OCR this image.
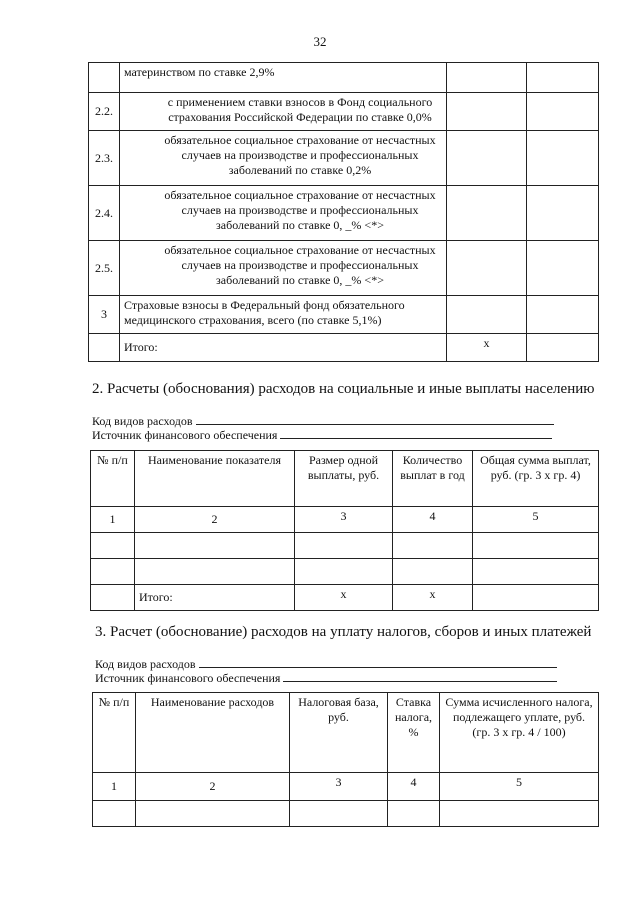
32
	материнством по ставке 2,9%		
2.2.	с применением ставки взносов в Фонд социального страхования Российской Федерации по ставке 0,0%		

2.3.	обязательное социальное страхование от несчастных случаев на производстве и профессиональных заболеваний по ставке 0,2%		

2.4.	обязательное социальное страхование от несчастных случаев на производстве и профессиональных заболеваний по ставке 0, _% <*>		

2.5.	обязательное социальное страхование от несчастных случаев на производстве и профессиональных заболеваний по ставке 0, _% <*>		

3	Страховые взносы в Федеральный фонд обязательного медицинского страхования, всего (по ставке 5,1%)		
	Итого:	x	
2. Расчеты (обоснования) расходов на социальные и иные выплаты населению
Код видов расходов
Источник финансового обеспечения
№ п/п	Наименование показателя	Размер одной выплаты, руб.	Количество выплат в год	Общая сумма выплат, руб. (гр. 3 х гр. 4)
1	2	3	4	5

	Итого:	x	x	
3. Расчет (обоснование) расходов на уплату налогов, сборов и иных платежей
Код видов расходов
Источник финансового обеспечения
№ п/п	Наименование расходов	Налоговая база, руб.	Ставка налога, %	Сумма исчисленного налога, подлежащего уплате, руб. (гр. 3 х гр. 4 / 100)
1	2	3	4	5
